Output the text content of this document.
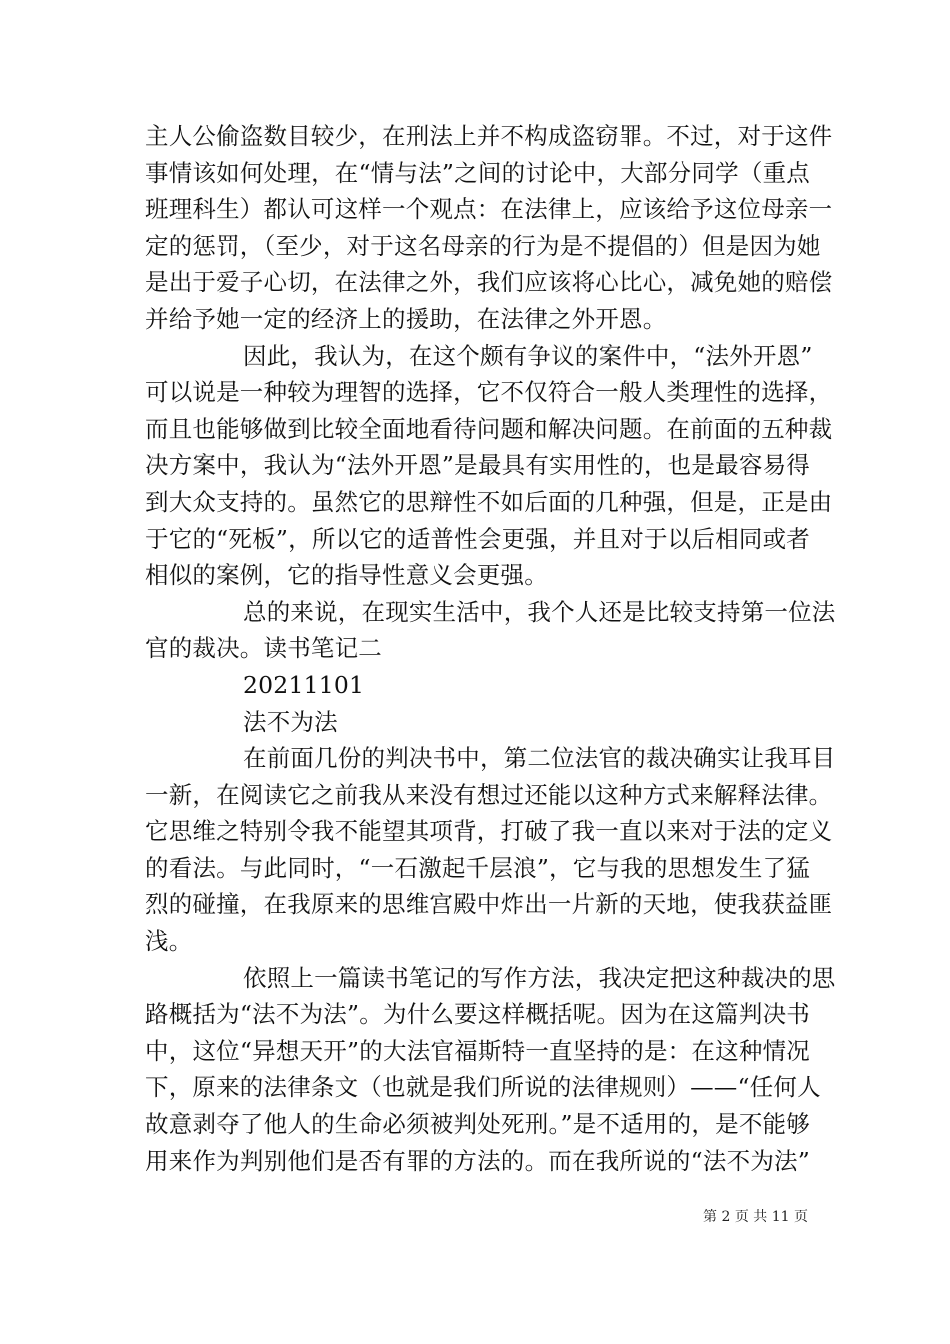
主人公偷盗数目较少，在刑法上并不构成盗窃罪。不过，对于这件
事情该如何处理，在“情与法”之间的讨论中，大部分同学（重点
班理科生）都认可这样一个观点：在法律上，应该给予这位母亲一
定的惩罚，（至少，对于这名母亲的行为是不提倡的）但是因为她
是出于爱子心切，在法律之外，我们应该将心比心，减免她的赔偿
并给予她一定的经济上的援助，在法律之外开恩。
因此，我认为，在这个颇有争议的案件中，“法外开恩”
可以说是一种较为理智的选择，它不仅符合一般人类理性的选择，
而且也能够做到比较全面地看待问题和解决问题。在前面的五种裁
决方案中，我认为“法外开恩”是最具有实用性的，也是最容易得
到大众支持的。虽然它的思辩性不如后面的几种强，但是，正是由
于它的“死板”，所以它的适普性会更强，并且对于以后相同或者
相似的案例，它的指导性意义会更强。
总的来说，在现实生活中，我个人还是比较支持第一位法
官的裁决。读书笔记二
20211101
法不为法
在前面几份的判决书中，第二位法官的裁决确实让我耳目
一新，在阅读它之前我从来没有想过还能以这种方式来解释法律。
它思维之特别令我不能望其项背，打破了我一直以来对于法的定义
的看法。与此同时，“一石激起千层浪”，它与我的思想发生了猛
烈的碰撞，在我原来的思维宫殿中炸出一片新的天地，使我获益匪
浅。
依照上一篇读书笔记的写作方法，我决定把这种裁决的思
路概括为“法不为法”。为什么要这样概括呢。因为在这篇判决书
中，这位“异想天开”的大法官福斯特一直坚持的是：在这种情况
下，原来的法律条文（也就是我们所说的法律规则）——“任何人
故意剥夺了他人的生命必须被判处死刑。”是不适用的，是不能够
用来作为判别他们是否有罪的方法的。而在我所说的“法不为法”
第 2 页 共 11 页
